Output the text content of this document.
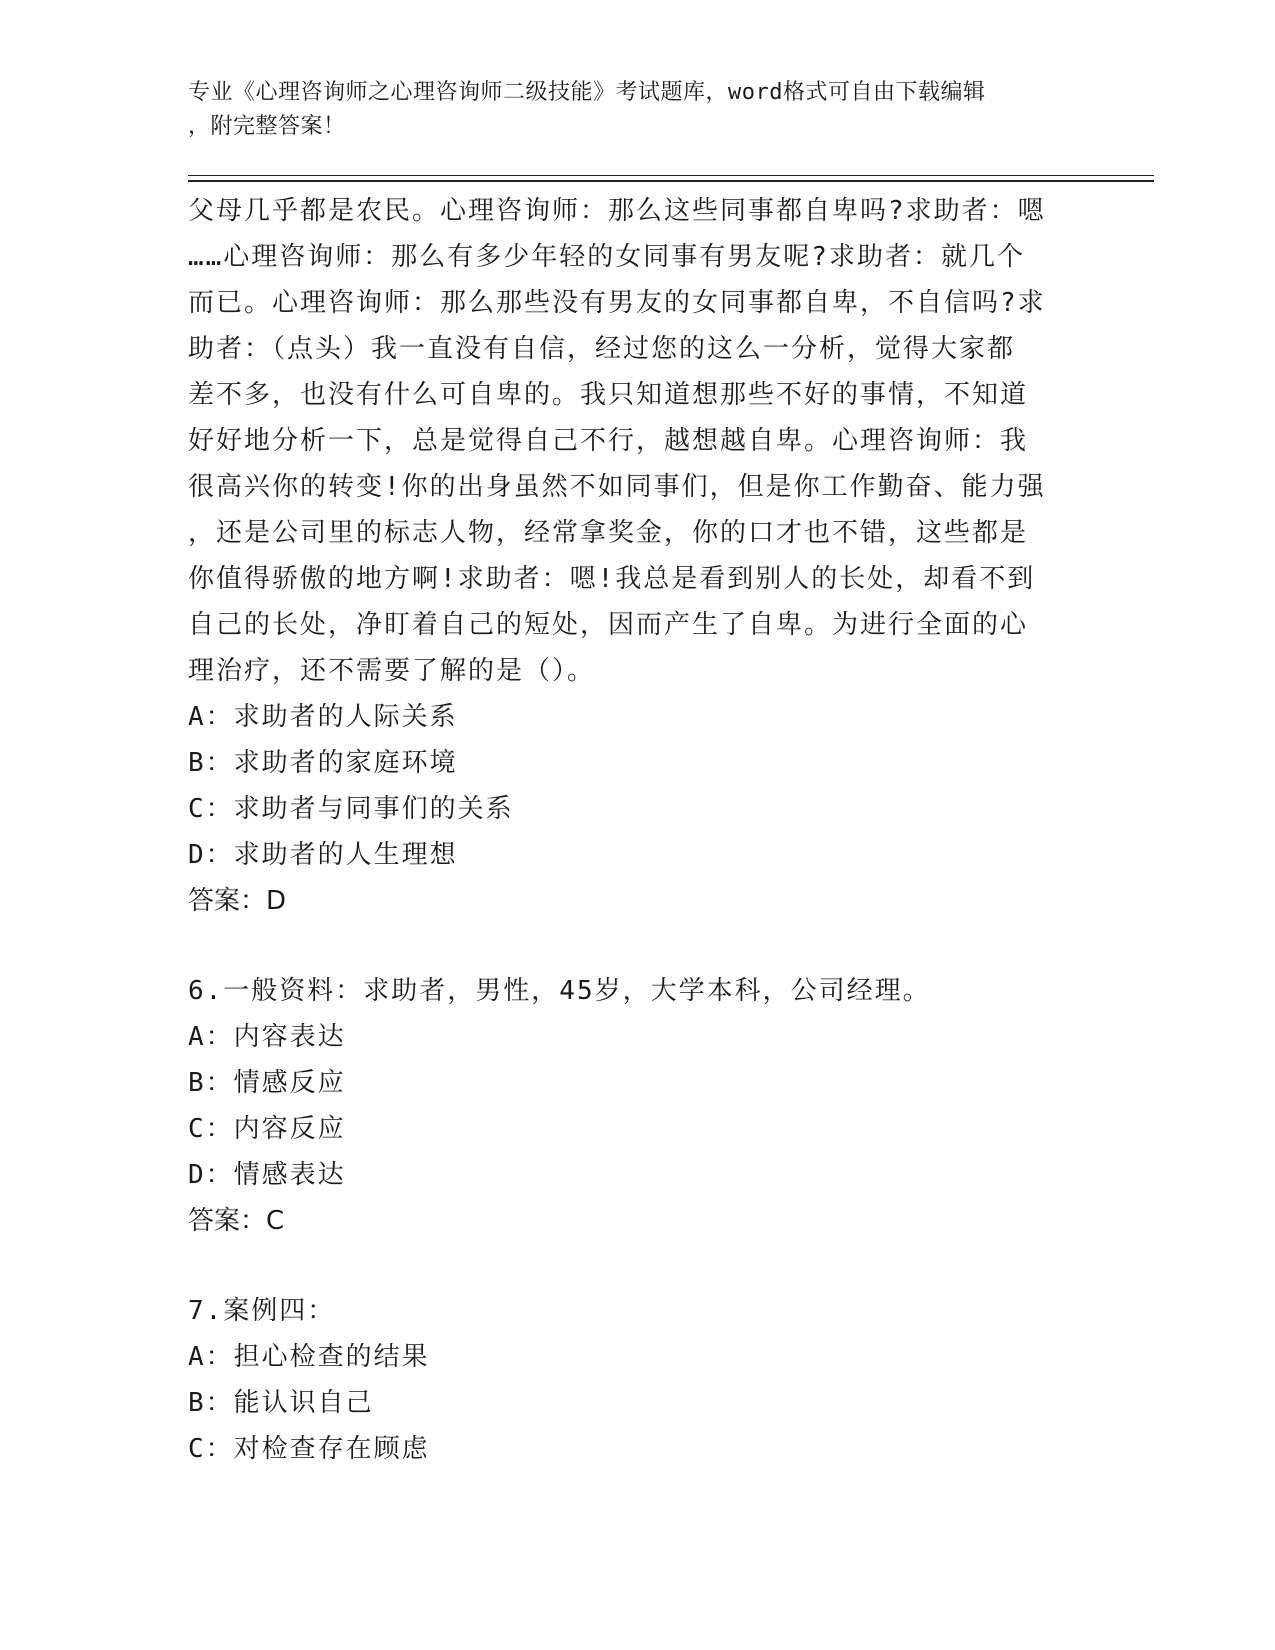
专业《心理咨询师之心理咨询师二级技能》考试题库，word格式可自由下载编辑
，附完整答案！
父母几乎都是农民。心理咨询师：那么这些同事都自卑吗?求助者：嗯
……心理咨询师：那么有多少年轻的女同事有男友呢?求助者：就几个
而已。心理咨询师：那么那些没有男友的女同事都自卑，不自信吗?求
助者：（点头）我一直没有自信，经过您的这么一分析，觉得大家都
差不多，也没有什么可自卑的。我只知道想那些不好的事情，不知道
好好地分析一下，总是觉得自己不行，越想越自卑。心理咨询师：我
很高兴你的转变!你的出身虽然不如同事们，但是你工作勤奋、能力强
，还是公司里的标志人物，经常拿奖金，你的口才也不错，这些都是
你值得骄傲的地方啊!求助者：嗯!我总是看到别人的长处，却看不到
自己的长处，净盯着自己的短处，因而产生了自卑。为进行全面的心
理治疗，还不需要了解的是（）。
A：求助者的人际关系
B：求助者的家庭环境
C：求助者与同事们的关系
D：求助者的人生理想
答案：D
6.一般资料：求助者，男性，45岁，大学本科，公司经理。
A：内容表达
B：情感反应
C：内容反应
D：情感表达
答案：C
7.案例四：
A：担心检查的结果
B：能认识自己
C：对检查存在顾虑
